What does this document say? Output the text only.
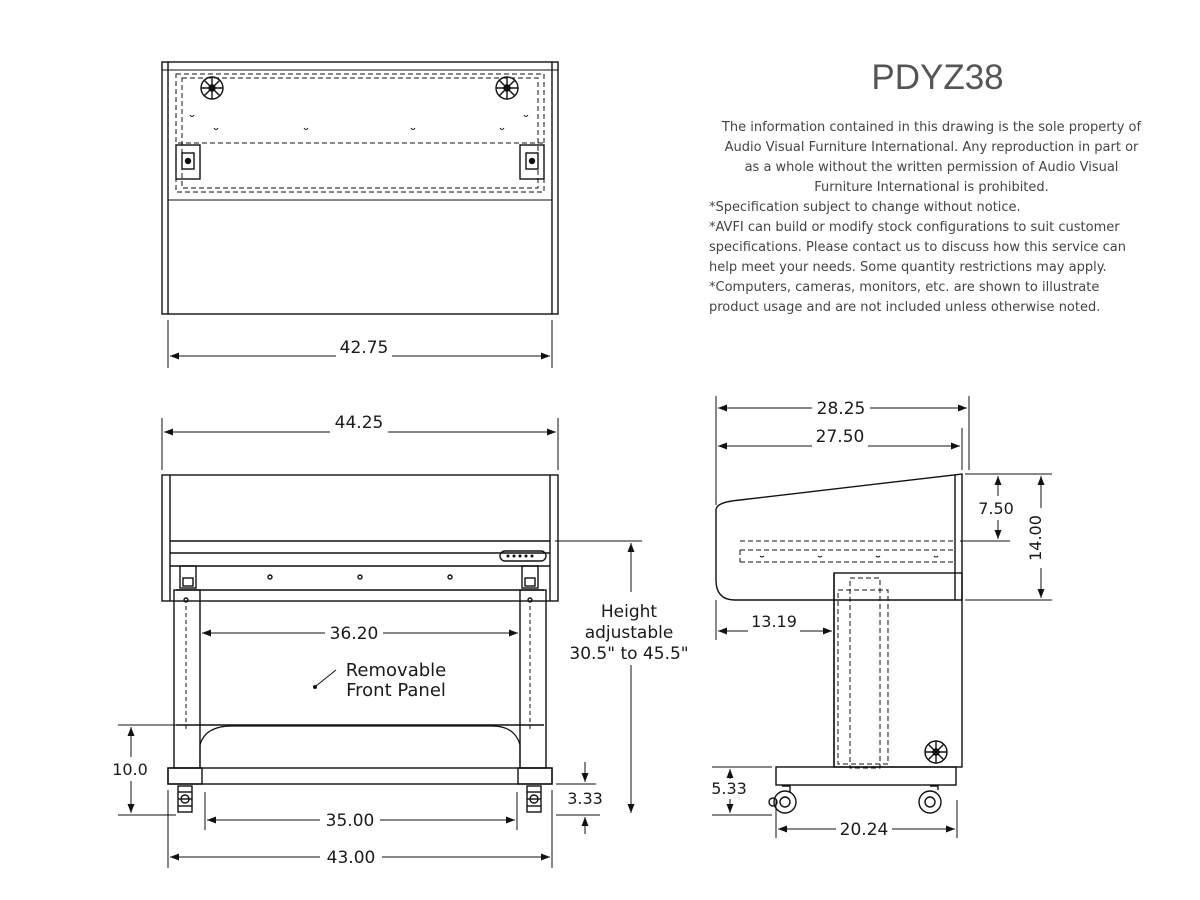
PDYZ38
The information contained in this drawing is the sole property of
Audio Visual Furniture International. Any reproduction in part or
as a whole without the written permission of Audio Visual
Furniture International is prohibited.
*Specification subject to change without notice.
*AVFI can build or modify stock configurations to suit customer
specifications. Please contact us to discuss how this service can
help meet your needs. Some quantity restrictions may apply.
*Computers, cameras, monitors, etc. are shown to illustrate
product usage and are not included unless otherwise noted.
42.75
44.25
36.20
35.00
43.00
10.0
3.33
Height
adjustable
30.5" to 45.5"
Removable
Front Panel
28.25
27.50
7.50
14.00
13.19
5.33
20.24
